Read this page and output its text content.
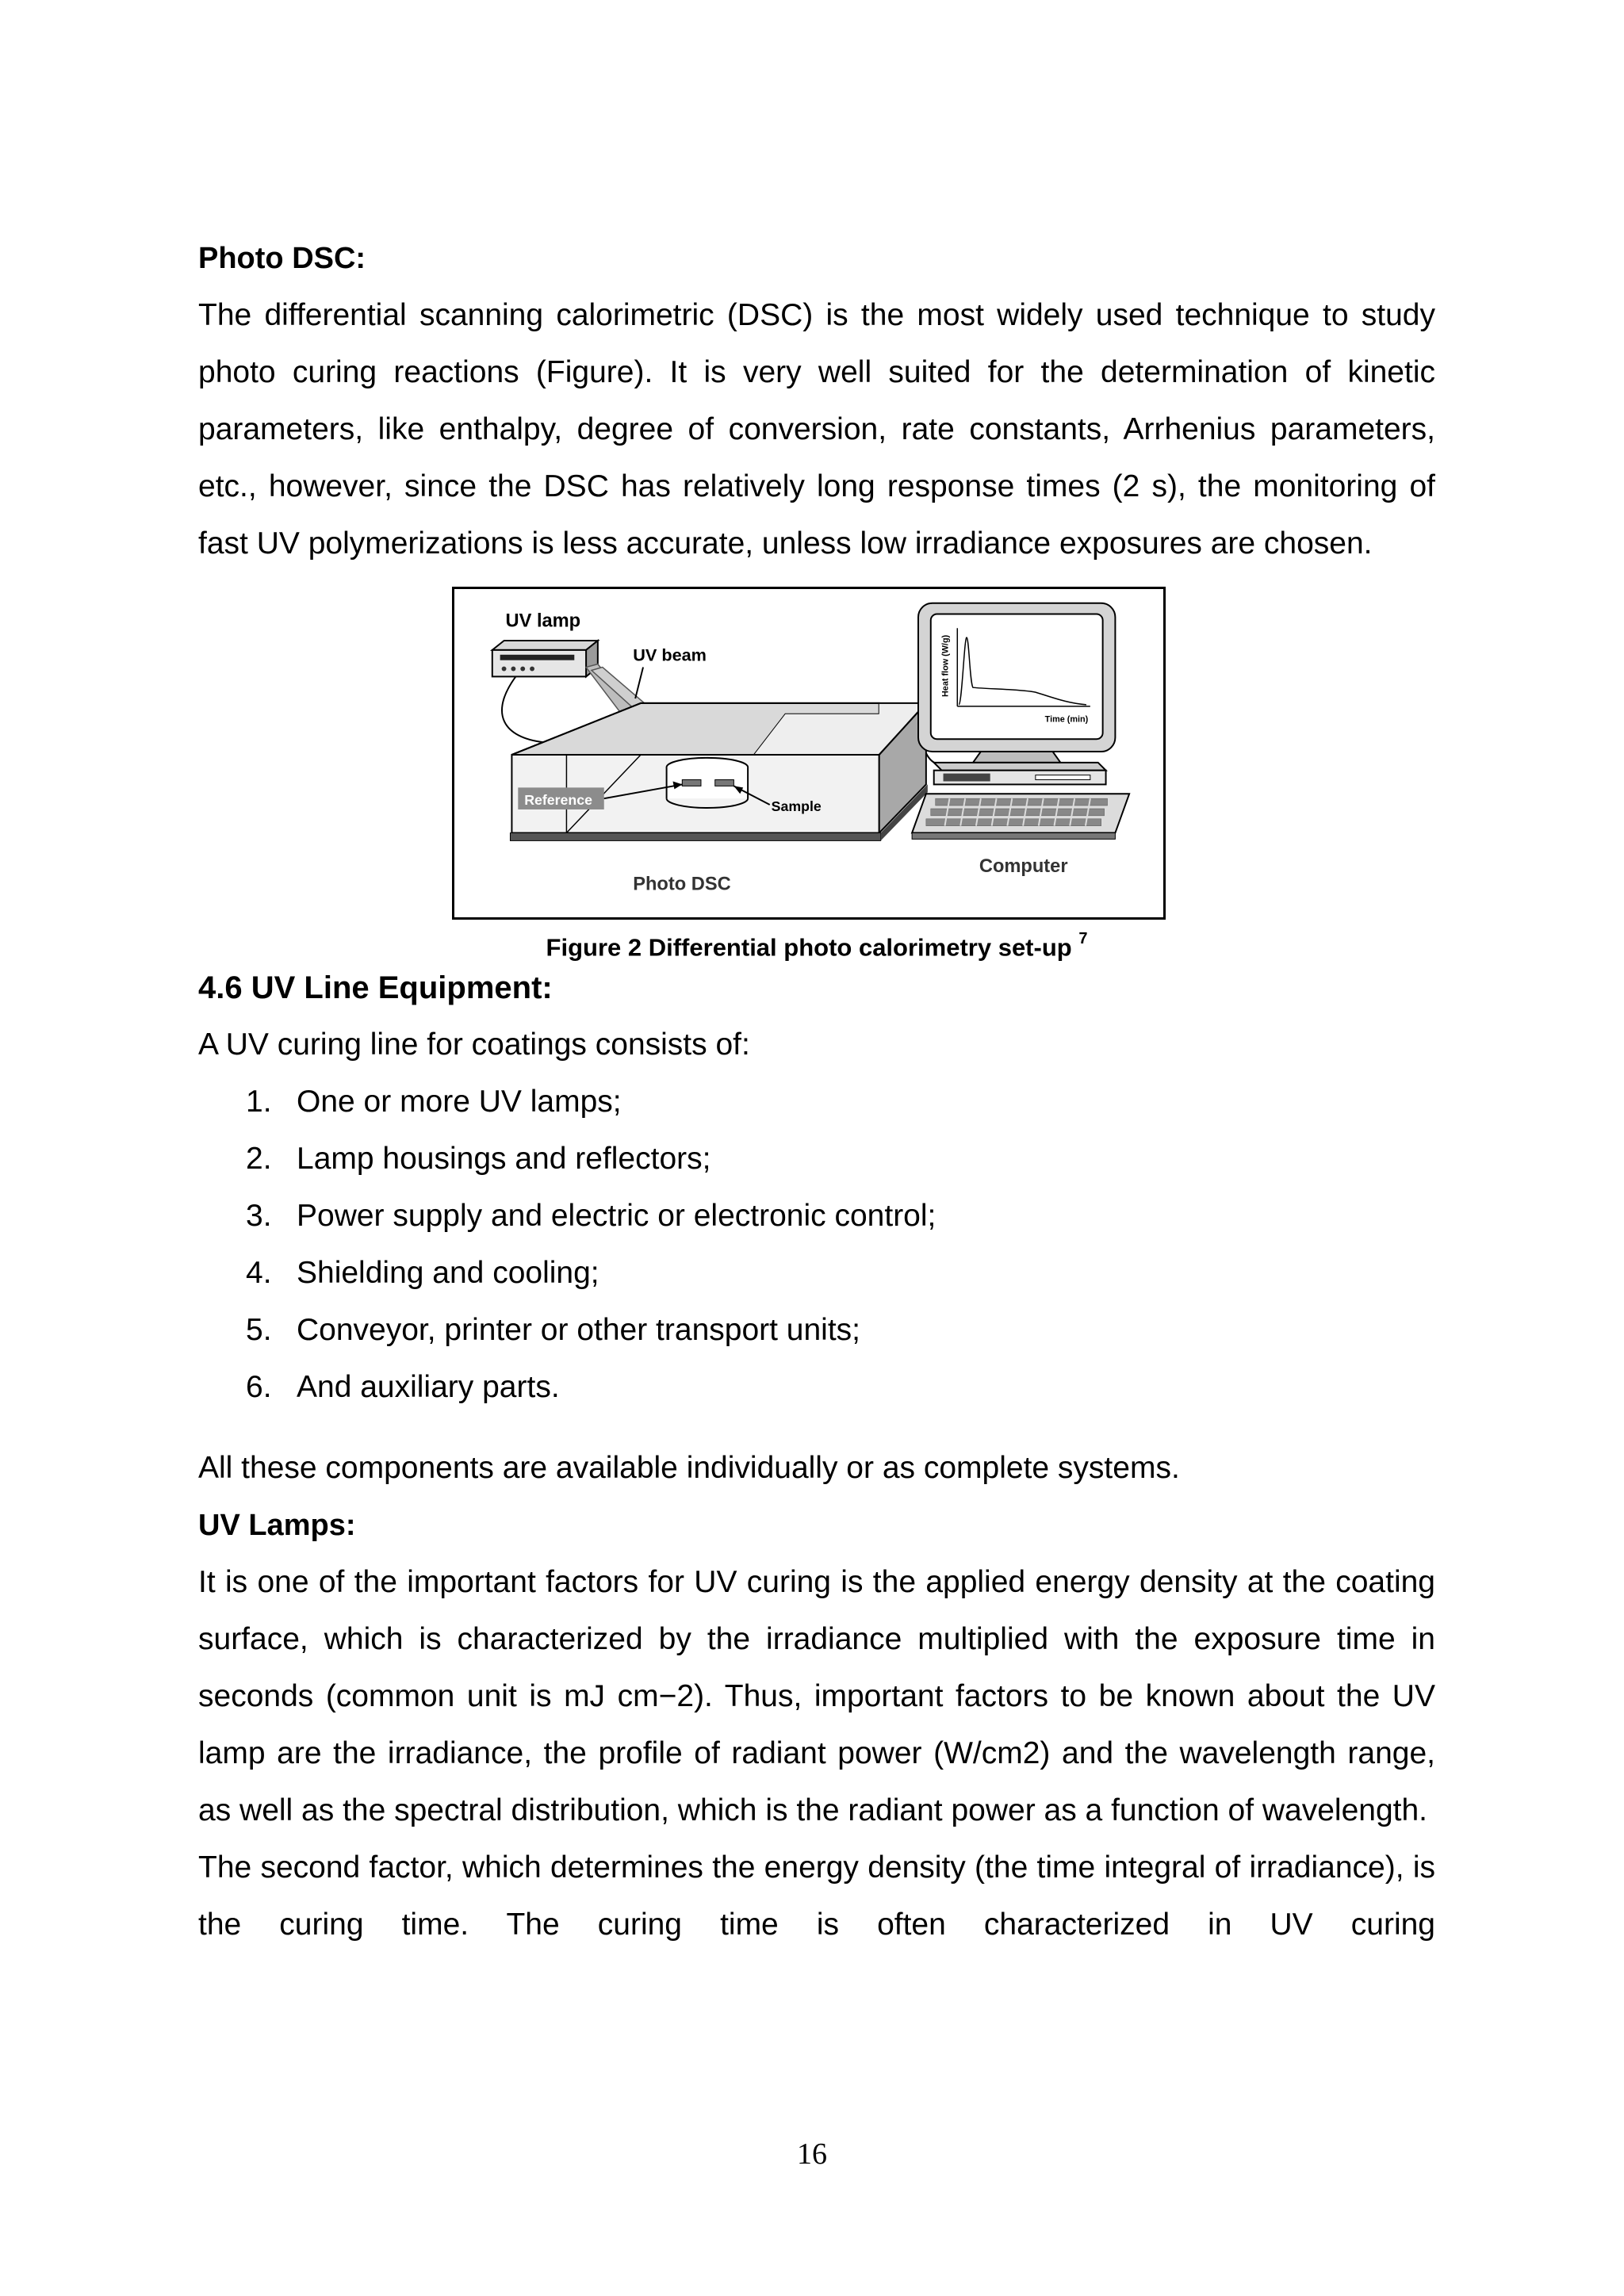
Photo DSC:

The differential scanning calorimetric (DSC) is the most widely used technique to study photo curing reactions (Figure). It is very well suited for the determination of kinetic parameters, like enthalpy, degree of conversion, rate constants, Arrhenius parameters, etc., however, since the DSC has relatively long response times (2 s), the monitoring of fast UV polymerizations is less accurate, unless low irradiance exposures are chosen.

UV lamp
UV beam
Reference	Sample
Photo DSC
Heat flow (W/g)
Time (min)
Computer
Figure 2 Differential photo calorimetry set-up $^7$

4.6 UV Line Equipment:

A UV curing line for coatings consists of:

1. One or more UV lamps;
2. Lamp housings and reflectors;
3. Power supply and electric or electronic control;
4. Shielding and cooling;
5. Conveyor, printer or other transport units;
6. And auxiliary parts.

All these components are available individually or as complete systems.

UV Lamps:

It is one of the important factors for UV curing is the applied energy density at the coating surface, which is characterized by the irradiance multiplied with the exposure time in seconds (common unit is mJ cm−2). Thus, important factors to be known about the UV lamp are the irradiance, the profile of radiant power (W/cm2) and the wavelength range, as well as the spectral distribution, which is the radiant power as a function of wavelength.

The second factor, which determines the energy density (the time integral of irradiance), is the curing time. The curing time is often characterized in UV curing

16
